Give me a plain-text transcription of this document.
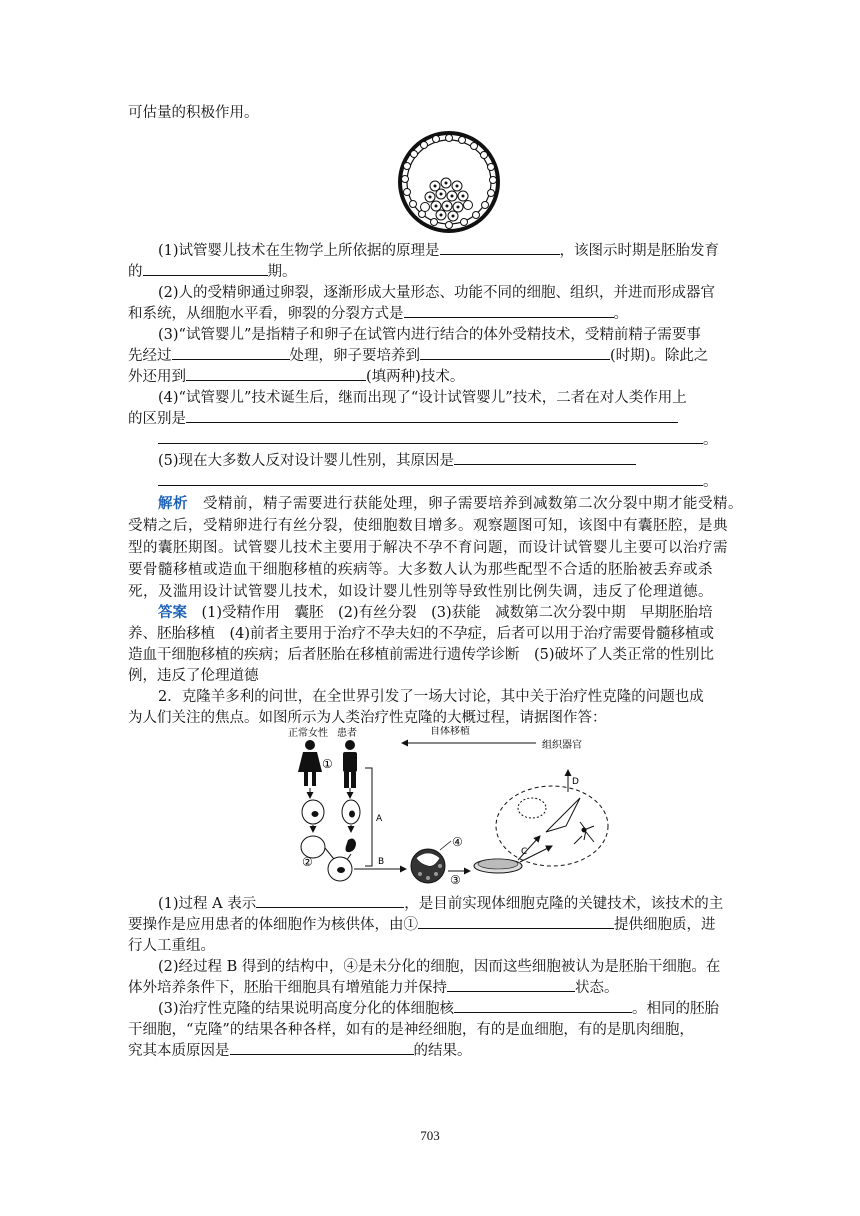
可估量的积极作用。
(1)试管婴儿技术在生物学上所依据的原理是	，该图示时期是胚胎发育
的	期。
(2)人的受精卵通过卵裂，逐渐形成大量形态、功能不同的细胞、组织，并进而形成器官
和系统，从细胞水平看，卵裂的分裂方式是	。
(3)“试管婴儿”是指精子和卵子在试管内进行结合的体外受精技术，受精前精子需要事
先经过	处理，卵子要培养到	(时期)。除此之
外还用到	(填两种)技术。
(4)“试管婴儿”技术诞生后，继而出现了“设计试管婴儿”技术，二者在对人类作用上
的区别是
。
(5)现在大多数人反对设计婴儿性别，其原因是
。
解析　 受精前，精子需要进行获能处理，卵子需要培养到减数第二次分裂中期才能受精。
受精之后，受精卵进行有丝分裂，使细胞数目增多。观察题图可知，该图中有囊胚腔，是典
型的囊胚期图。试管婴儿技术主要用于解决不孕不育问题，而设计试管婴儿主要可以治疗需
要骨髓移植或造血干细胞移植的疾病等。大多数人认为那些配型不合适的胚胎被丢弃或杀
死，及滥用设计试管婴儿技术，如设计婴儿性别等导致性别比例失调，违反了伦理道德。
答案　 (1)受精作用　囊胚　(2)有丝分裂　(3)获能　减数第二次分裂中期　早期胚胎培
养、胚胎移植　(4)前者主要用于治疗不孕夫妇的不孕症，后者可以用于治疗需要骨髓移植或
造血干细胞移植的疾病；后者胚胎在移植前需进行遗传学诊断　(5)破坏了人类正常的性别比
例，违反了伦理道德
2．克隆羊多利的问世，在全世界引发了一场大讨论，其中关于治疗性克隆的问题也成
为人们关注的焦点。如图所示为人类治疗性克隆的大概过程，请据图作答：
正常女性 患者	自体移植
组织器官
①
A
②	B
④
③
C
D
(1)过程 A 表示	，是目前实现体细胞克隆的关键技术，该技术的主
要操作是应用患者的体细胞作为核供体，由①	提供细胞质，进
行人工重组。
(2)经过程 B 得到的结构中，④是未分化的细胞，因而这些细胞被认为是胚胎干细胞。在
体外培养条件下，胚胎干细胞具有增殖能力并保持	状态。
(3)治疗性克隆的结果说明高度分化的体细胞核	。相同的胚胎
干细胞，“克隆”的结果各种各样，如有的是神经细胞，有的是血细胞，有的是肌肉细胞，
究其本质原因是	的结果。
703
